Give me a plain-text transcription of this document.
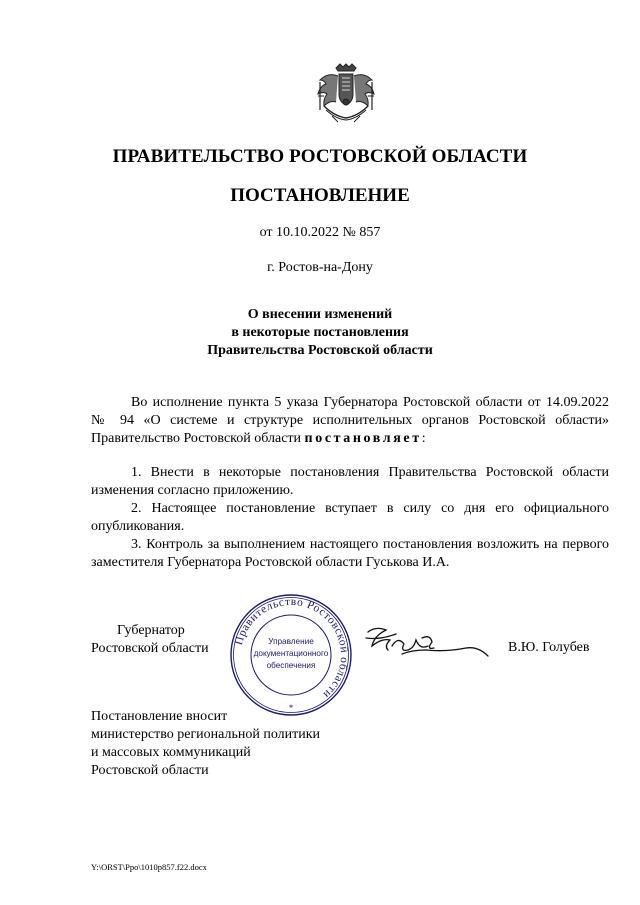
ПРАВИТЕЛЬСТВО РОСТОВСКОЙ ОБЛАСТИ
ПОСТАНОВЛЕНИЕ
от 10.10.2022 № 857
г. Ростов-на-Дону
О внесении изменений
в некоторые постановления
Правительства Ростовской области
Во исполнение пункта 5 указа Губернатора Ростовской области от 14.09.2022 № 94 «О системе и структуре исполнительных органов Ростовской области» Правительство Ростовской области постановляет:
1. Внести в некоторые постановления Правительства Ростовской области изменения согласно приложению.
2. Настоящее постановление вступает в силу со дня его официального опубликования.
3. Контроль за выполнением настоящего постановления возложить на первого заместителя Губернатора Ростовской области Гуськова И.А.
Губернатор
Ростовской области
Правительство Ростовской области
Управление
документационного
обеспечения
*
В.Ю. Голубев
Постановление вносит
министерство региональной политики
и массовых коммуникаций
Ростовской области
Y:\ORST\Ppo\1010p857.f22.docx
